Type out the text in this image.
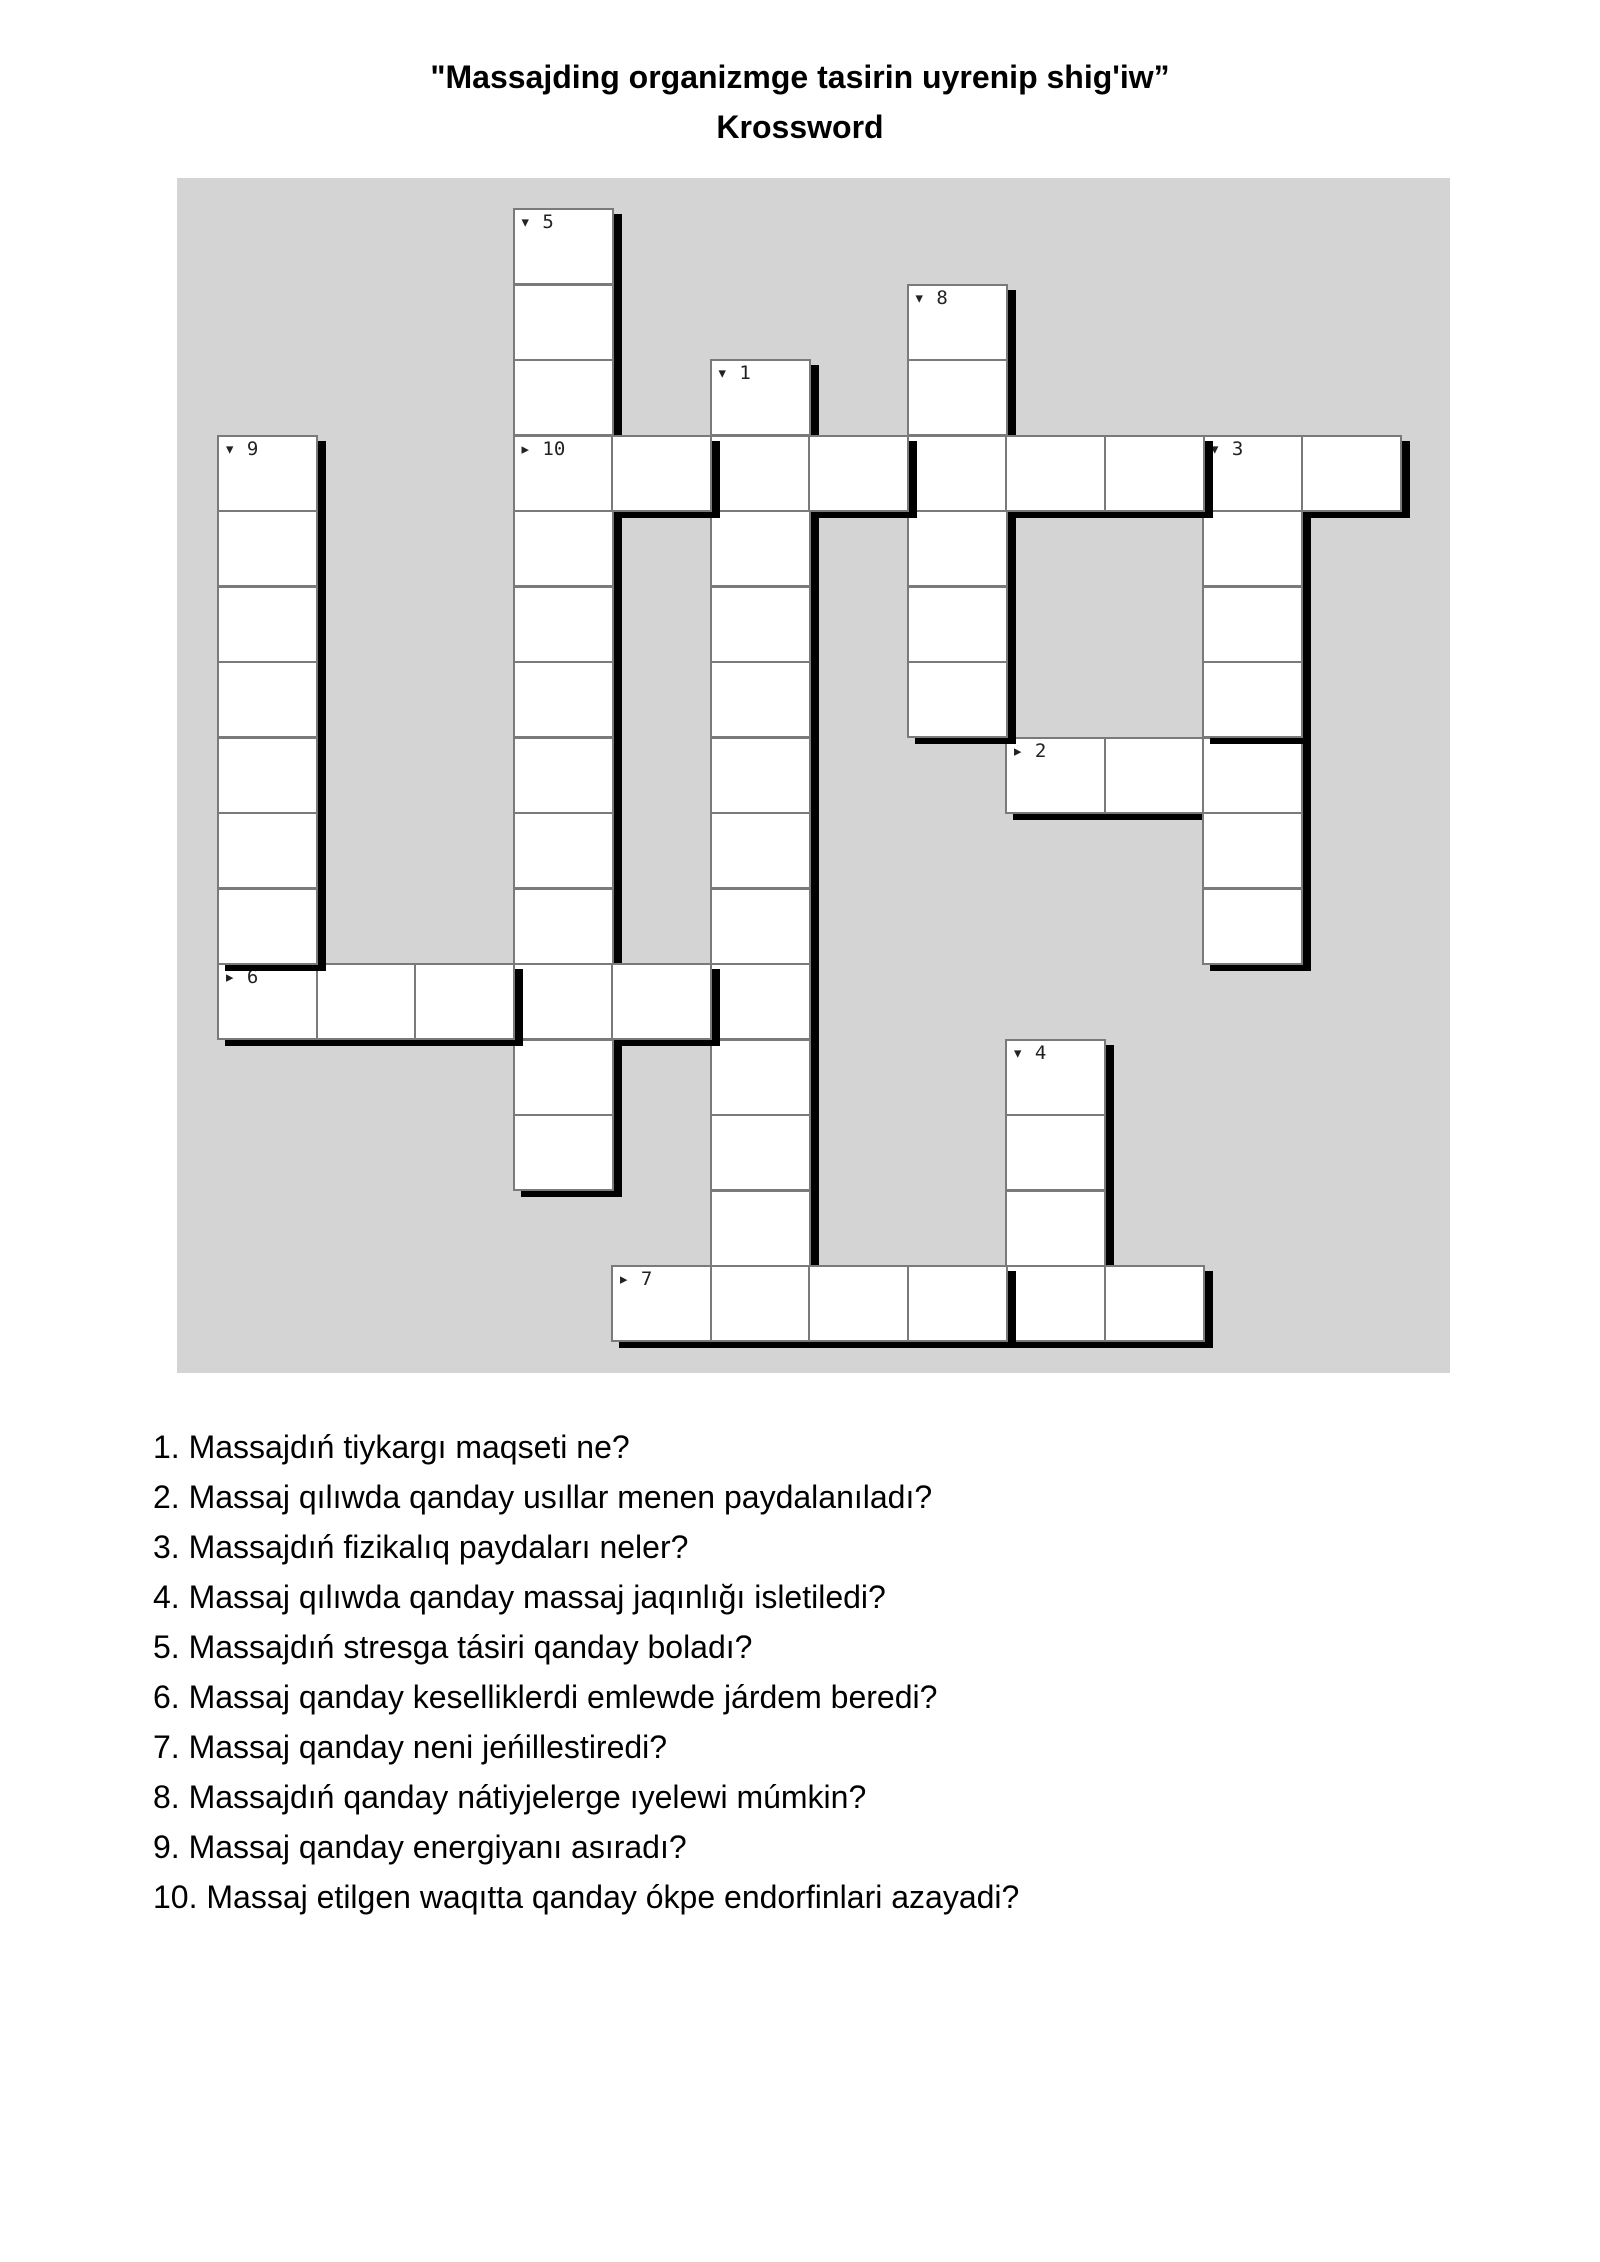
"Massajding organizmge tasirin uyrenip shig'iw”
Krossword
▾ 1
▸ 2
▾ 3
▾ 4
▾ 5
▸ 10
▸ 6
▸ 7
▾ 8
▾ 9
1. Massajdıń tiykargı maqseti ne?
2. Massaj qılıwda qanday usıllar menen paydalanıladı?
3. Massajdıń fizikalıq paydaları neler?
4. Massaj qılıwda qanday massaj jaqınlığı isletiledi?
5. Massajdıń stresga tásiri qanday boladı?
6. Massaj qanday keselliklerdi emlewde járdem beredi?
7. Massaj qanday neni jeńillestiredi?
8. Massajdıń qanday nátiyjelerge ıyelewi múmkin?
9. Massaj qanday energiyanı asıradı?
10. Massaj etilgen waqıtta qanday ókpe endorfinlari azayadi?
